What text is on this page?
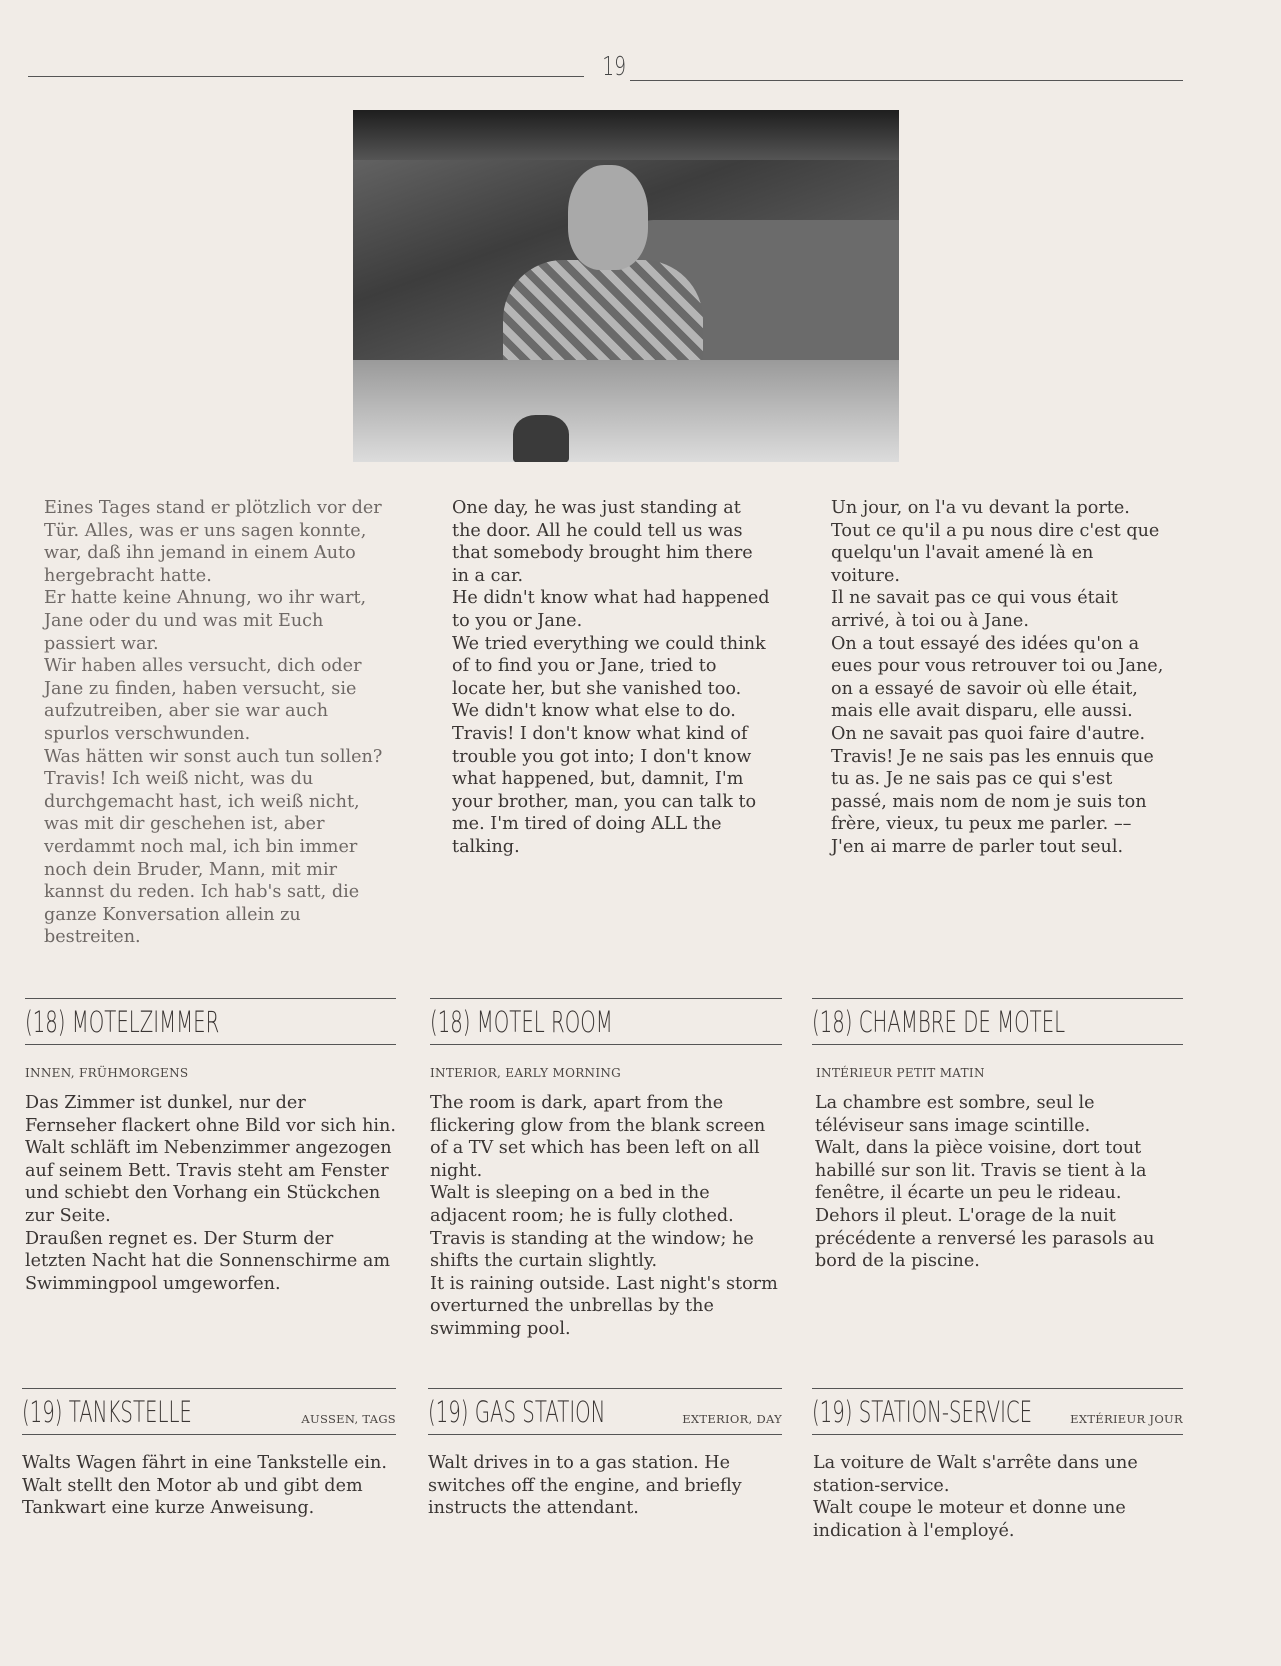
19

Eines Tages stand er plötzlich vor der Tür. Alles, was er uns sagen konnte, war, daß ihn jemand in einem Auto hergebracht hatte.

Er hatte keine Ahnung, wo ihr wart, Jane oder du und was mit Euch passiert war.

Wir haben alles versucht, dich oder Jane zu finden, haben versucht, sie aufzutreiben, aber sie war auch spurlos verschwunden.

Was hätten wir sonst auch tun sollen?

Travis! Ich weiß nicht, was du durchgemacht hast, ich weiß nicht, was mit dir geschehen ist, aber verdammt noch mal, ich bin immer noch dein Bruder, Mann, mit mir kannst du reden. Ich hab's satt, die ganze Konversation allein zu bestreiten.

One day, he was just standing at the door. All he could tell us was that somebody brought him there in a car.

He didn't know what had happened to you or Jane.

We tried everything we could think of to find you or Jane, tried to locate her, but she vanished too.

We didn't know what else to do.

Travis! I don't know what kind of trouble you got into; I don't know what happened, but, damnit, I'm your brother, man, you can talk to me. I'm tired of doing ALL the talking.

Un jour, on l'a vu devant la porte. Tout ce qu'il a pu nous dire c'est que quelqu'un l'avait amené là en voiture.

Il ne savait pas ce qui vous était arrivé, à toi ou à Jane.

On a tout essayé des idées qu'on a eues pour vous retrouver toi ou Jane, on a essayé de savoir où elle était, mais elle avait disparu, elle aussi.

On ne savait pas quoi faire d'autre.

Travis! Je ne sais pas les ennuis que tu as. Je ne sais pas ce qui s'est passé, mais nom de nom je suis ton frère, vieux, tu peux me parler. –– J'en ai marre de parler tout seul.

(18) MOTELZIMMER	(18) MOTEL ROOM	(18) CHAMBRE DE MOTEL
INNEN, FRÜHMORGENS	INTERIOR, EARLY MORNING	INTÉRIEUR PETIT MATIN

Das Zimmer ist dunkel, nur der Fernseher flackert ohne Bild vor sich hin.

Walt schläft im Nebenzimmer angezogen auf seinem Bett. Travis steht am Fenster und schiebt den Vorhang ein Stückchen zur Seite.

Draußen regnet es. Der Sturm der letzten Nacht hat die Sonnenschirme am Swimmingpool umgeworfen.

The room is dark, apart from the flickering glow from the blank screen of a TV set which has been left on all night.

Walt is sleeping on a bed in the adjacent room; he is fully clothed. Travis is standing at the window; he shifts the curtain slightly.

It is raining outside. Last night's storm overturned the unbrellas by the swimming pool.

La chambre est sombre, seul le téléviseur sans image scintille.

Walt, dans la pièce voisine, dort tout habillé sur son lit. Travis se tient à la fenêtre, il écarte un peu le rideau.

Dehors il pleut. L'orage de la nuit précédente a renversé les parasols au bord de la piscine.

(19) TANKSTELLE	AUSSEN, TAGS (19) GAS STATION	EXTERIOR, DAY (19) STATION-SERVICE	EXTÉRIEUR JOUR

Walts Wagen fährt in eine Tankstelle ein. Walt stellt den Motor ab und gibt dem Tankwart eine kurze Anweisung.

Walt drives in to a gas station. He switches off the engine, and briefly instructs the attendant.

La voiture de Walt s'arrête dans une station-service.

Walt coupe le moteur et donne une indication à l'employé.
